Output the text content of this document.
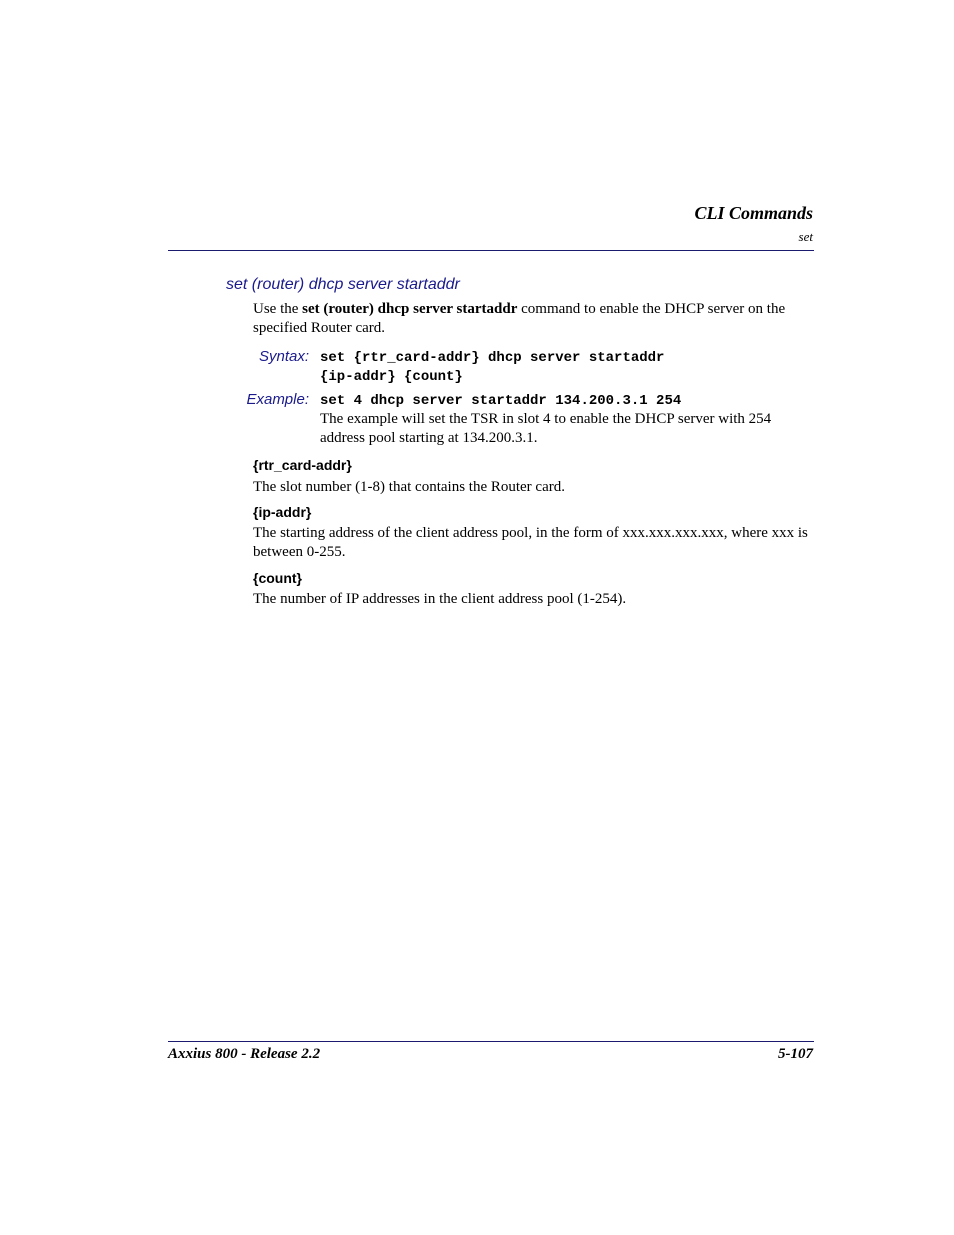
CLI Commands
set
set (router) dhcp server startaddr
Use the set (router) dhcp server startaddr command to enable the DHCP server on the specified Router card.
Syntax: set {rtr_card-addr} dhcp server startaddr
{ip-addr} {count}
Example: set 4 dhcp server startaddr 134.200.3.1 254
The example will set the TSR in slot 4 to enable the DHCP server with 254 address pool starting at 134.200.3.1.
{rtr_card-addr}
The slot number (1-8) that contains the Router card.
{ip-addr}
The starting address of the client address pool, in the form of xxx.xxx.xxx.xxx, where xxx is between 0-255.
{count}
The number of IP addresses in the client address pool (1-254).
Axxius 800 - Release 2.2	5-107
